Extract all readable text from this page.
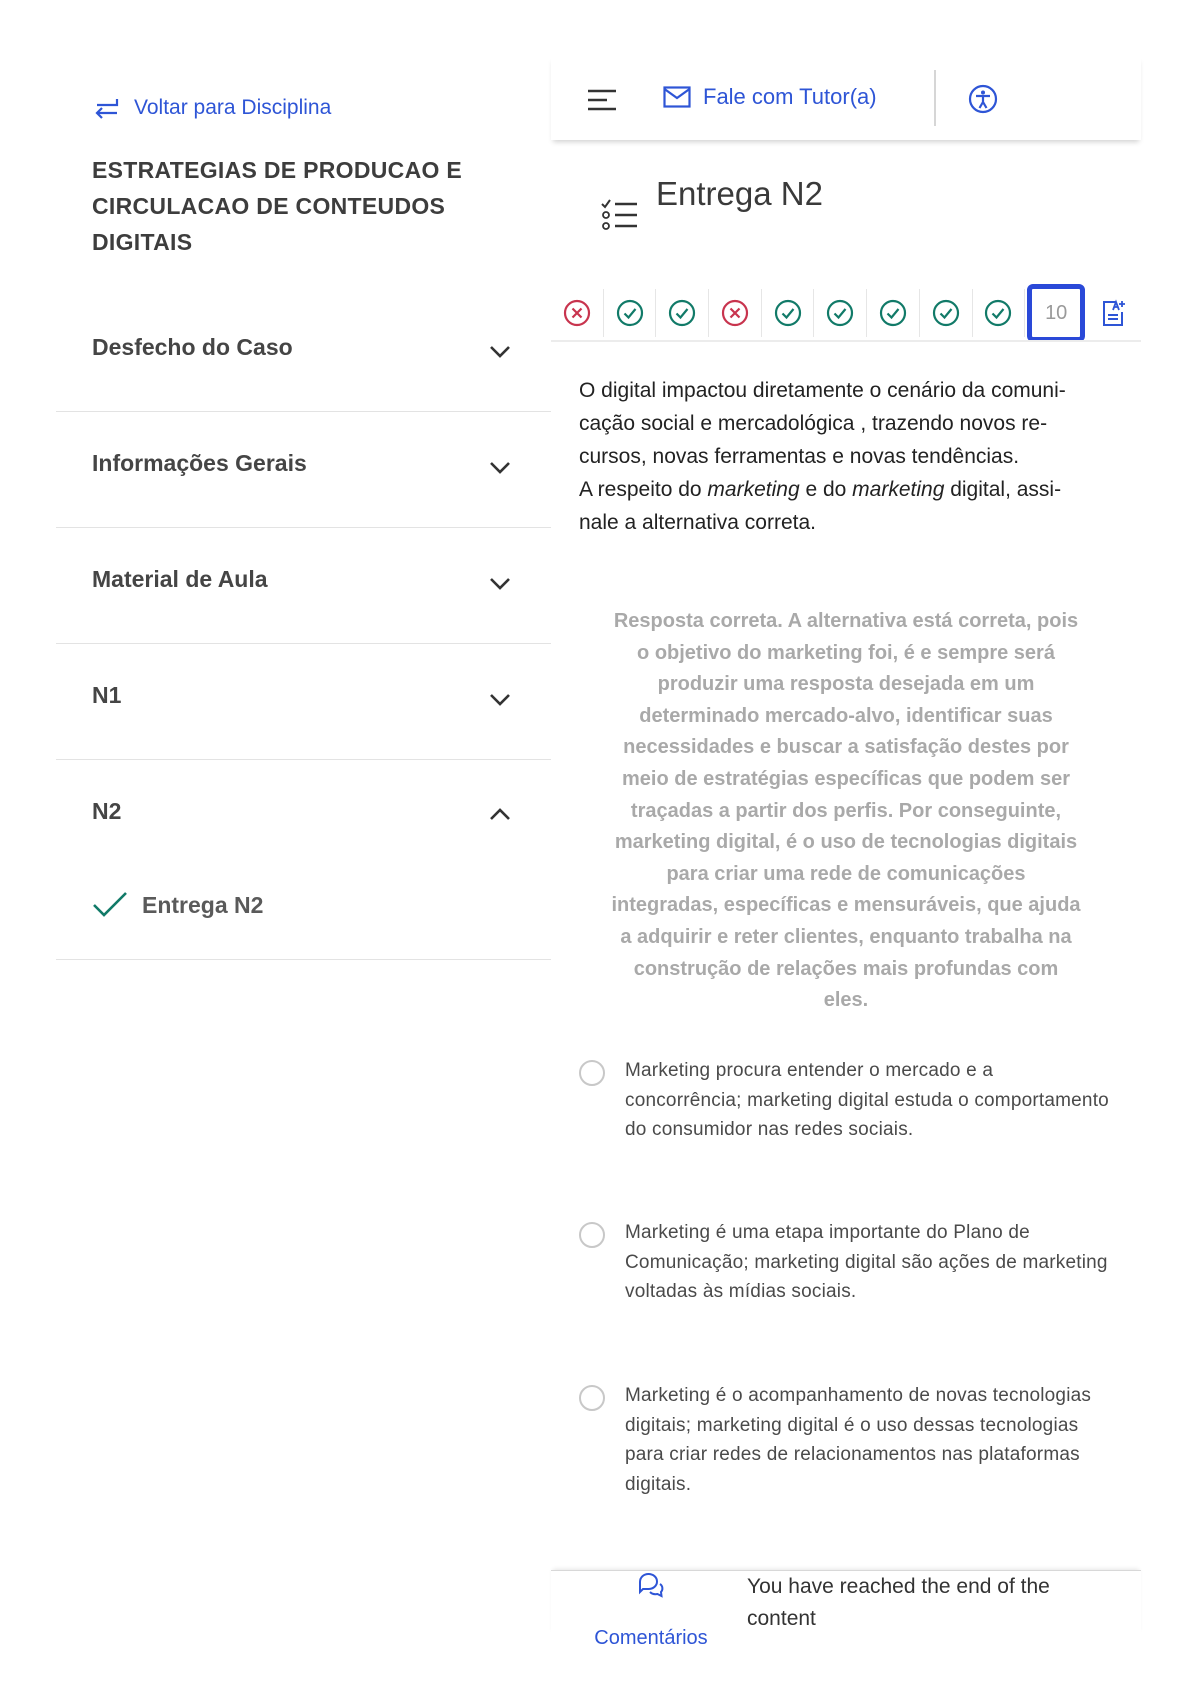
Voltar para Disciplina
ESTRATEGIAS DE PRODUCAO E CIRCULACAO DE CONTEUDOS DIGITAIS
Desfecho do Caso
Informações Gerais
Material de Aula
N1
N2
Entrega N2
Fale com Tutor(a)
Entrega N2
10
O digital impactou diretamente o cenário da comuni-
cação social e mercadológica , trazendo novos re-
cursos, novas ferramentas e novas tendências.
A respeito do marketing e do marketing digital, assi-
nale a alternativa correta.
Resposta correta. A alternativa está correta, pois o objetivo do marketing foi, é e sempre será produzir uma resposta desejada em um determinado mercado-alvo, identificar suas necessidades e buscar a satisfação destes por meio de estratégias específicas que podem ser traçadas a partir dos perfis. Por conseguinte, marketing digital, é o uso de tecnologias digitais para criar uma rede de comunicações integradas, específicas e mensuráveis, que ajuda a adquirir e reter clientes, enquanto trabalha na construção de relações mais profundas com eles.
Marketing procura entender o mercado e a concorrência; marketing digital estuda o comportamento do consumidor nas redes sociais.
Marketing é uma etapa importante do Plano de Comunicação; marketing digital são ações de marketing voltadas às mídias sociais.
Marketing é o acompanhamento de novas tecnologias digitais; marketing digital é o uso dessas tecnologias para criar redes de relacionamentos nas plataformas digitais.
Comentários
You have reached the end of the content
